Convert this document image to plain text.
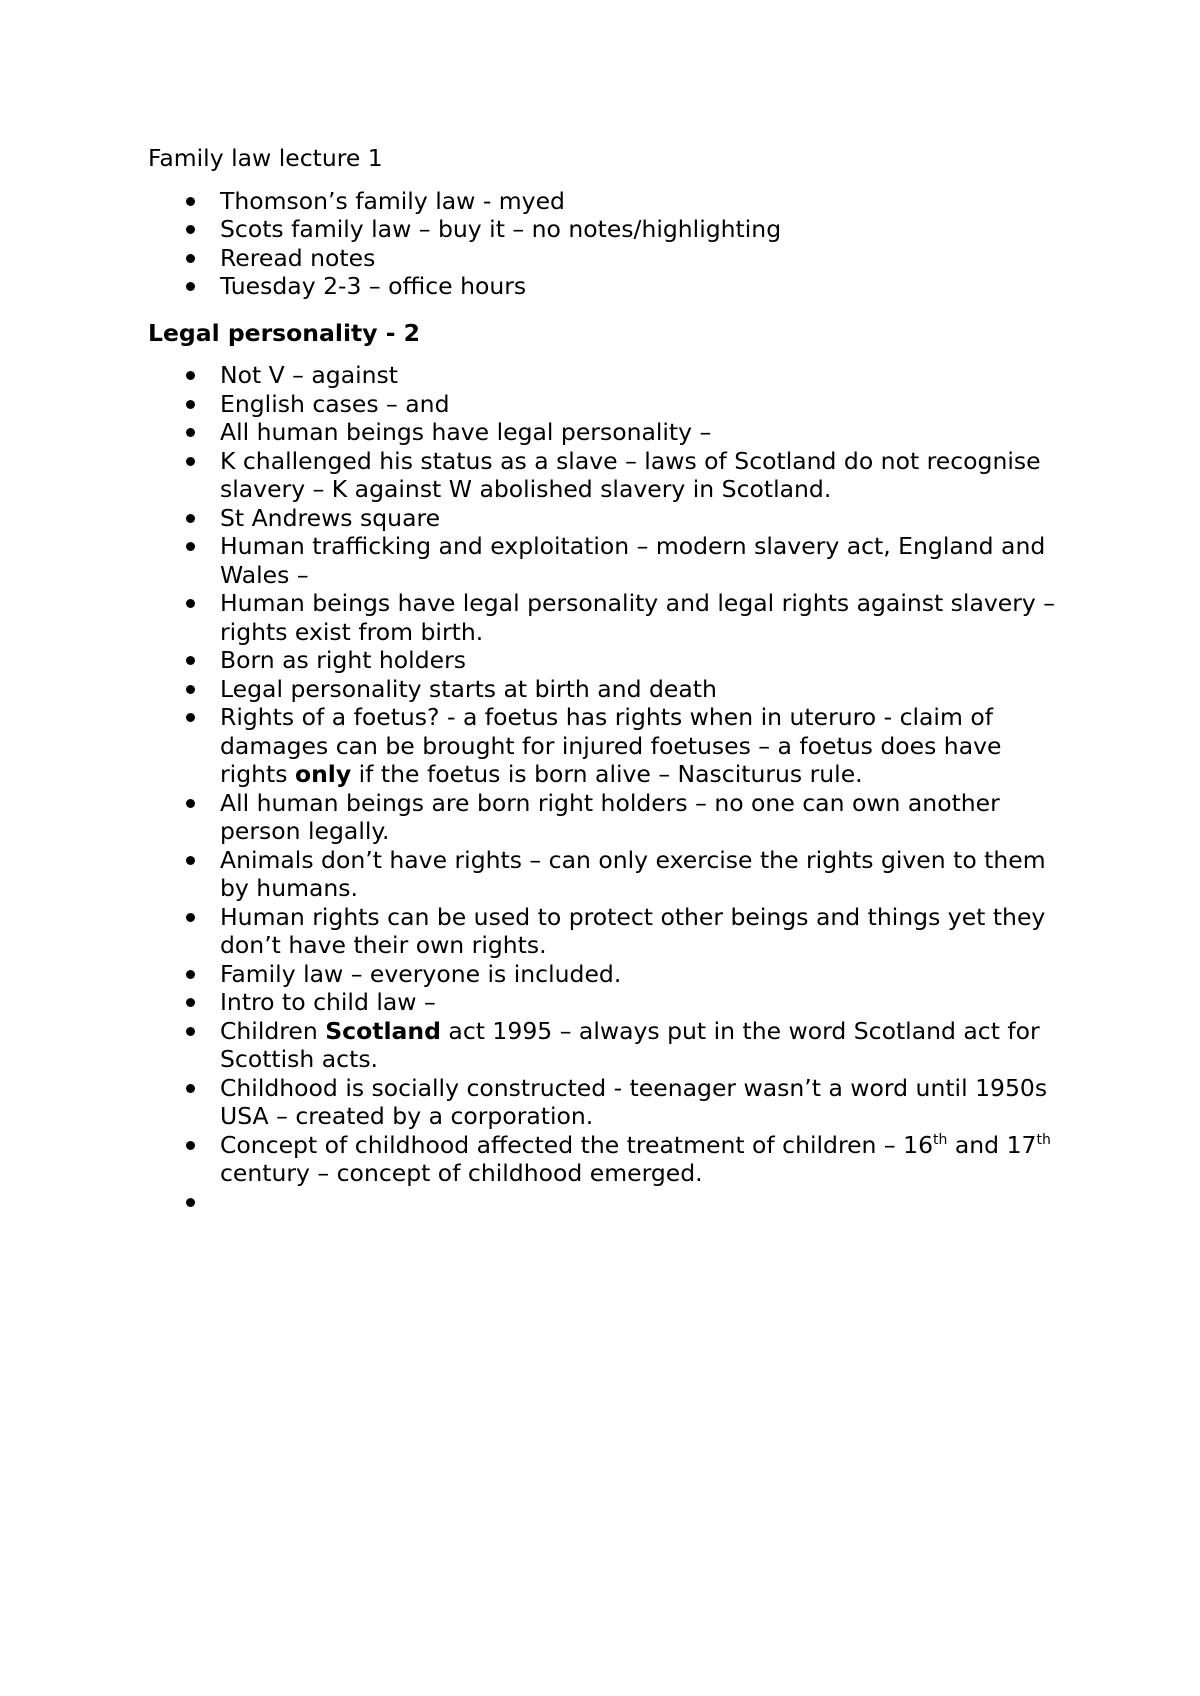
Family law lecture 1

Thomson’s family law - myed
Scots family law – buy it – no notes/highlighting
Reread notes
Tuesday 2-3 – office hours

Legal personality - 2

Not V – against
English cases – and
All human beings have legal personality –
K challenged his status as a slave – laws of Scotland do not recognise slavery – K against W abolished slavery in Scotland.
St Andrews square
Human trafficking and exploitation – modern slavery act, England and Wales –
Human beings have legal personality and legal rights against slavery – rights exist from birth.
Born as right holders
Legal personality starts at birth and death
Rights of a foetus? - a foetus has rights when in uteruro - claim of damages can be brought for injured foetuses – a foetus does have rights only if the foetus is born alive – Nasciturus rule.
All human beings are born right holders – no one can own another person legally.
Animals don’t have rights – can only exercise the rights given to them by humans.
Human rights can be used to protect other beings and things yet they don’t have their own rights.
Family law – everyone is included.
Intro to child law –
Children Scotland act 1995 – always put in the word Scotland act for Scottish acts.
Childhood is socially constructed - teenager wasn’t a word until 1950s USA – created by a corporation.
Concept of childhood affected the treatment of children – 16th and 17th century – concept of childhood emerged.
